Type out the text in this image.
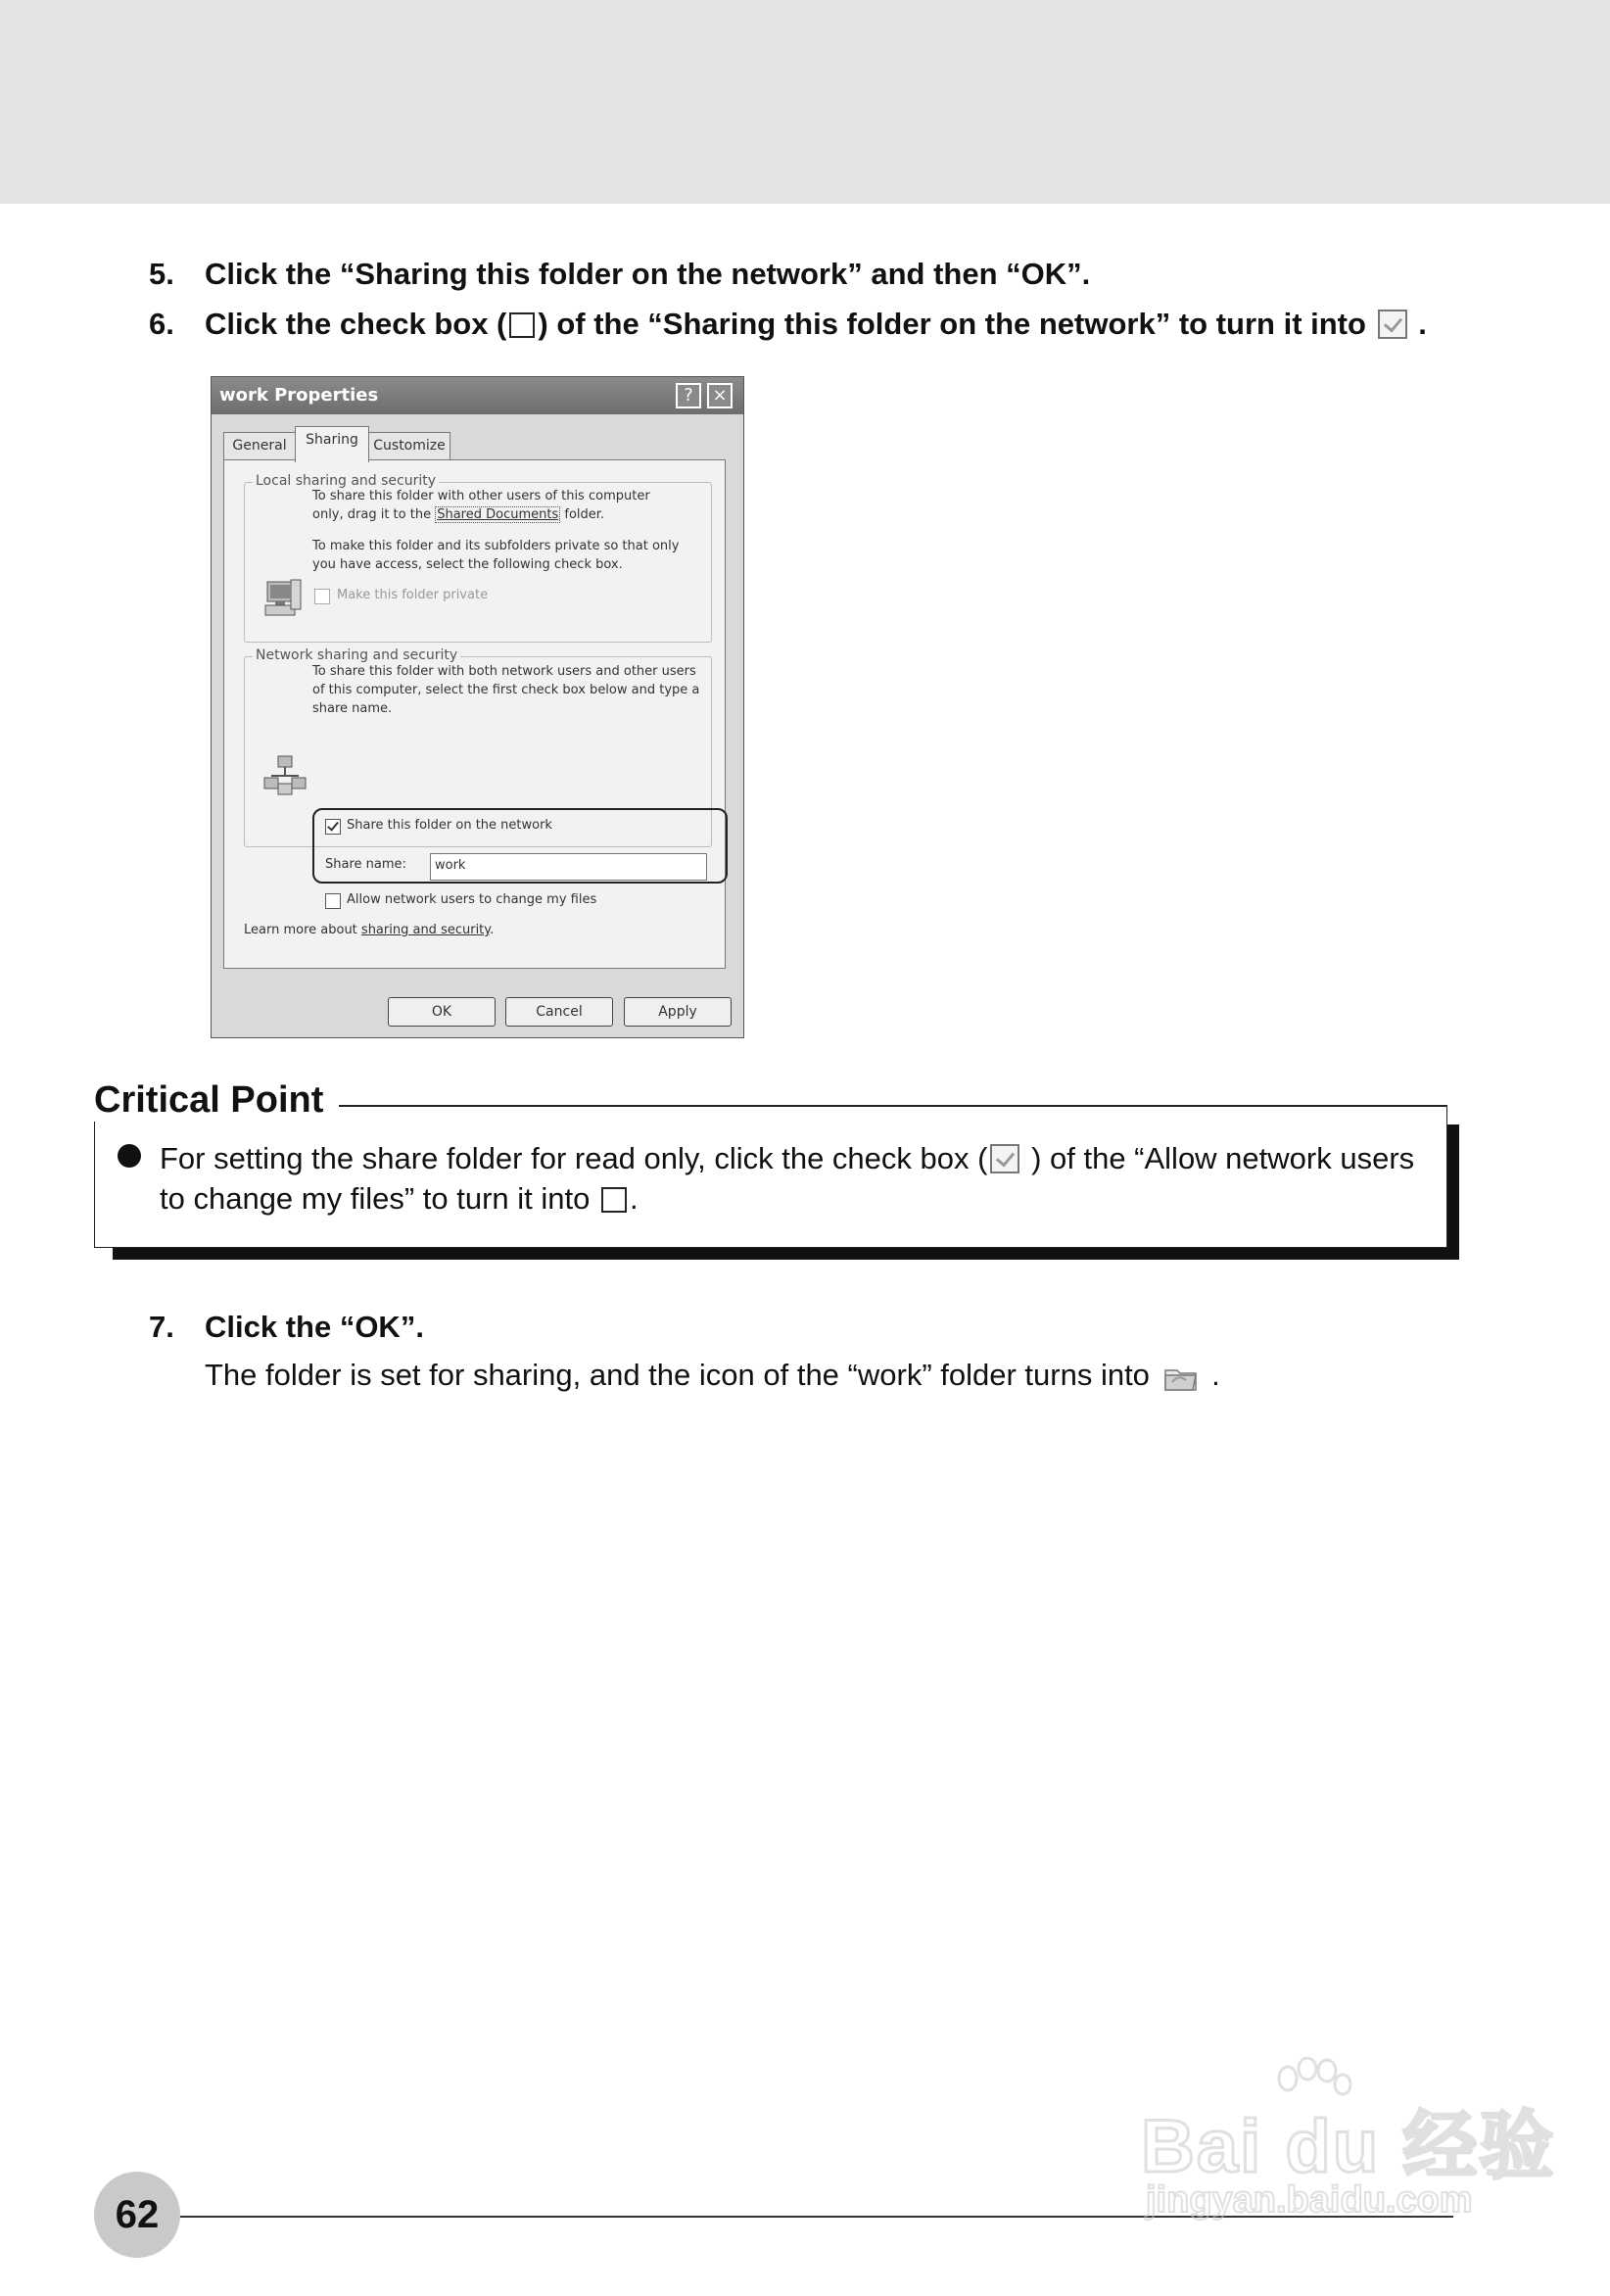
5. Click the “Sharing this folder on the network” and then “OK”.
6. Click the check box ( ) of the “Sharing this folder on the network” to turn it into .
work Properties	?	×
General	Sharing	Customize
Local sharing and security
To share this folder with other users of this computer
only, drag it to the Shared Documents folder.
To make this folder and its subfolders private so that only you have access, select the following check box.
Make this folder private
Network sharing and security
To share this folder with both network users and other users of this computer, select the first check box below and type a share name.
Share this folder on the network
Share name:	work
Allow network users to change my files
Learn more about sharing and security.
OK	Cancel	Apply
Critical Point
For setting the share folder for read only, click the check box ( ) of the “Allow network users to change my files” to turn it into .
7. Click the “OK”.
The folder is set for sharing, and the icon of the “work” folder turns into .
62
Bai du 经验
jingyan.baidu.com
